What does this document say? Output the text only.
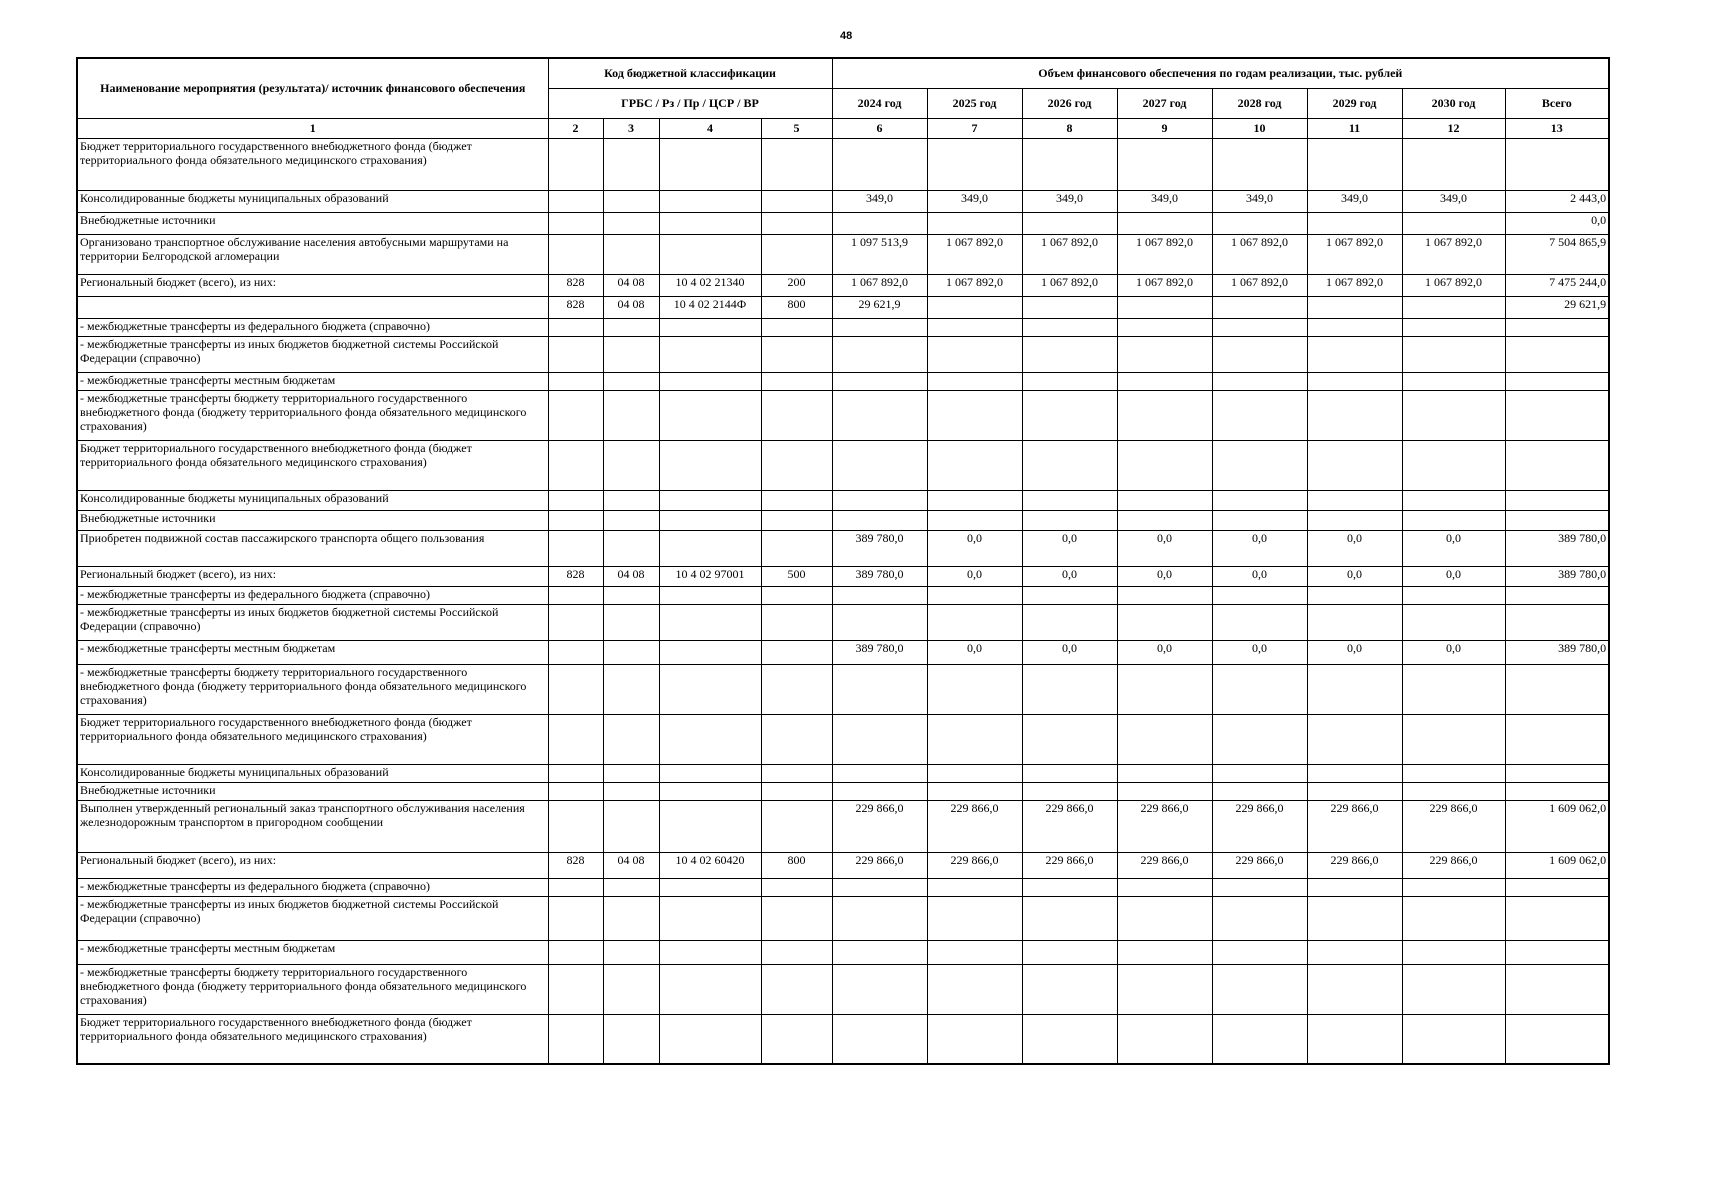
48
Наименование мероприятия (результата)/ источник финансового обеспечения	Код бюджетной классификации				Объем финансового обеспечения по годам реализации, тыс. рублей							
	ГРБС / Рз / Пр / ЦСР / ВР				2024 год	2025 год	2026 год	2027 год	2028 год	2029 год	2030 год	Всего
1	2	3	4	5	6	7	8	9	10	11	12	13
Бюджет территориального государственного внебюджетного фонда (бюджет территориального фонда обязательного медицинского страхования)												
Консолидированные бюджеты муниципальных образований					349,0	349,0	349,0	349,0	349,0	349,0	349,0	2 443,0
Внебюджетные источники												0,0
Организовано транспортное обслуживание населения автобусными маршрутами на территории Белгородской агломерации					1 097 513,9	1 067 892,0	1 067 892,0	1 067 892,0	1 067 892,0	1 067 892,0	1 067 892,0	7 504 865,9
Региональный бюджет (всего), из них:	828	04 08	10 4 02 21340	200	1 067 892,0	1 067 892,0	1 067 892,0	1 067 892,0	1 067 892,0	1 067 892,0	1 067 892,0	7 475 244,0
	828	04 08	10 4 02 2144Ф	800	29 621,9							29 621,9
- межбюджетные трансферты из федерального бюджета (справочно)												
- межбюджетные трансферты из иных бюджетов бюджетной системы Российской Федерации (справочно)												
- межбюджетные трансферты местным бюджетам												
- межбюджетные трансферты бюджету территориального государственного внебюджетного фонда (бюджету территориального фонда обязательного медицинского страхования)												
Бюджет территориального государственного внебюджетного фонда (бюджет территориального фонда обязательного медицинского страхования)												
Консолидированные бюджеты муниципальных образований												
Внебюджетные источники												
Приобретен подвижной состав пассажирского транспорта общего пользования					389 780,0	0,0	0,0	0,0	0,0	0,0	0,0	389 780,0
Региональный бюджет (всего), из них:	828	04 08	10 4 02 97001	500	389 780,0	0,0	0,0	0,0	0,0	0,0	0,0	389 780,0
- межбюджетные трансферты из федерального бюджета (справочно)												
- межбюджетные трансферты из иных бюджетов бюджетной системы Российской Федерации (справочно)												
- межбюджетные трансферты местным бюджетам					389 780,0	0,0	0,0	0,0	0,0	0,0	0,0	389 780,0
- межбюджетные трансферты бюджету территориального государственного внебюджетного фонда (бюджету территориального фонда обязательного медицинского страхования)												
Бюджет территориального государственного внебюджетного фонда (бюджет территориального фонда обязательного медицинского страхования)												
Консолидированные бюджеты муниципальных образований												
Внебюджетные источники												
Выполнен утвержденный региональный заказ транспортного обслуживания населения железнодорожным транспортом в пригородном сообщении					229 866,0	229 866,0	229 866,0	229 866,0	229 866,0	229 866,0	229 866,0	1 609 062,0
Региональный бюджет (всего), из них:	828	04 08	10 4 02 60420	800	229 866,0	229 866,0	229 866,0	229 866,0	229 866,0	229 866,0	229 866,0	1 609 062,0
- межбюджетные трансферты из федерального бюджета (справочно)												
- межбюджетные трансферты из иных бюджетов бюджетной системы Российской Федерации (справочно)												
- межбюджетные трансферты местным бюджетам												
- межбюджетные трансферты бюджету территориального государственного внебюджетного фонда (бюджету территориального фонда обязательного медицинского страхования)												
Бюджет территориального государственного внебюджетного фонда (бюджет территориального фонда обязательного медицинского страхования)												
